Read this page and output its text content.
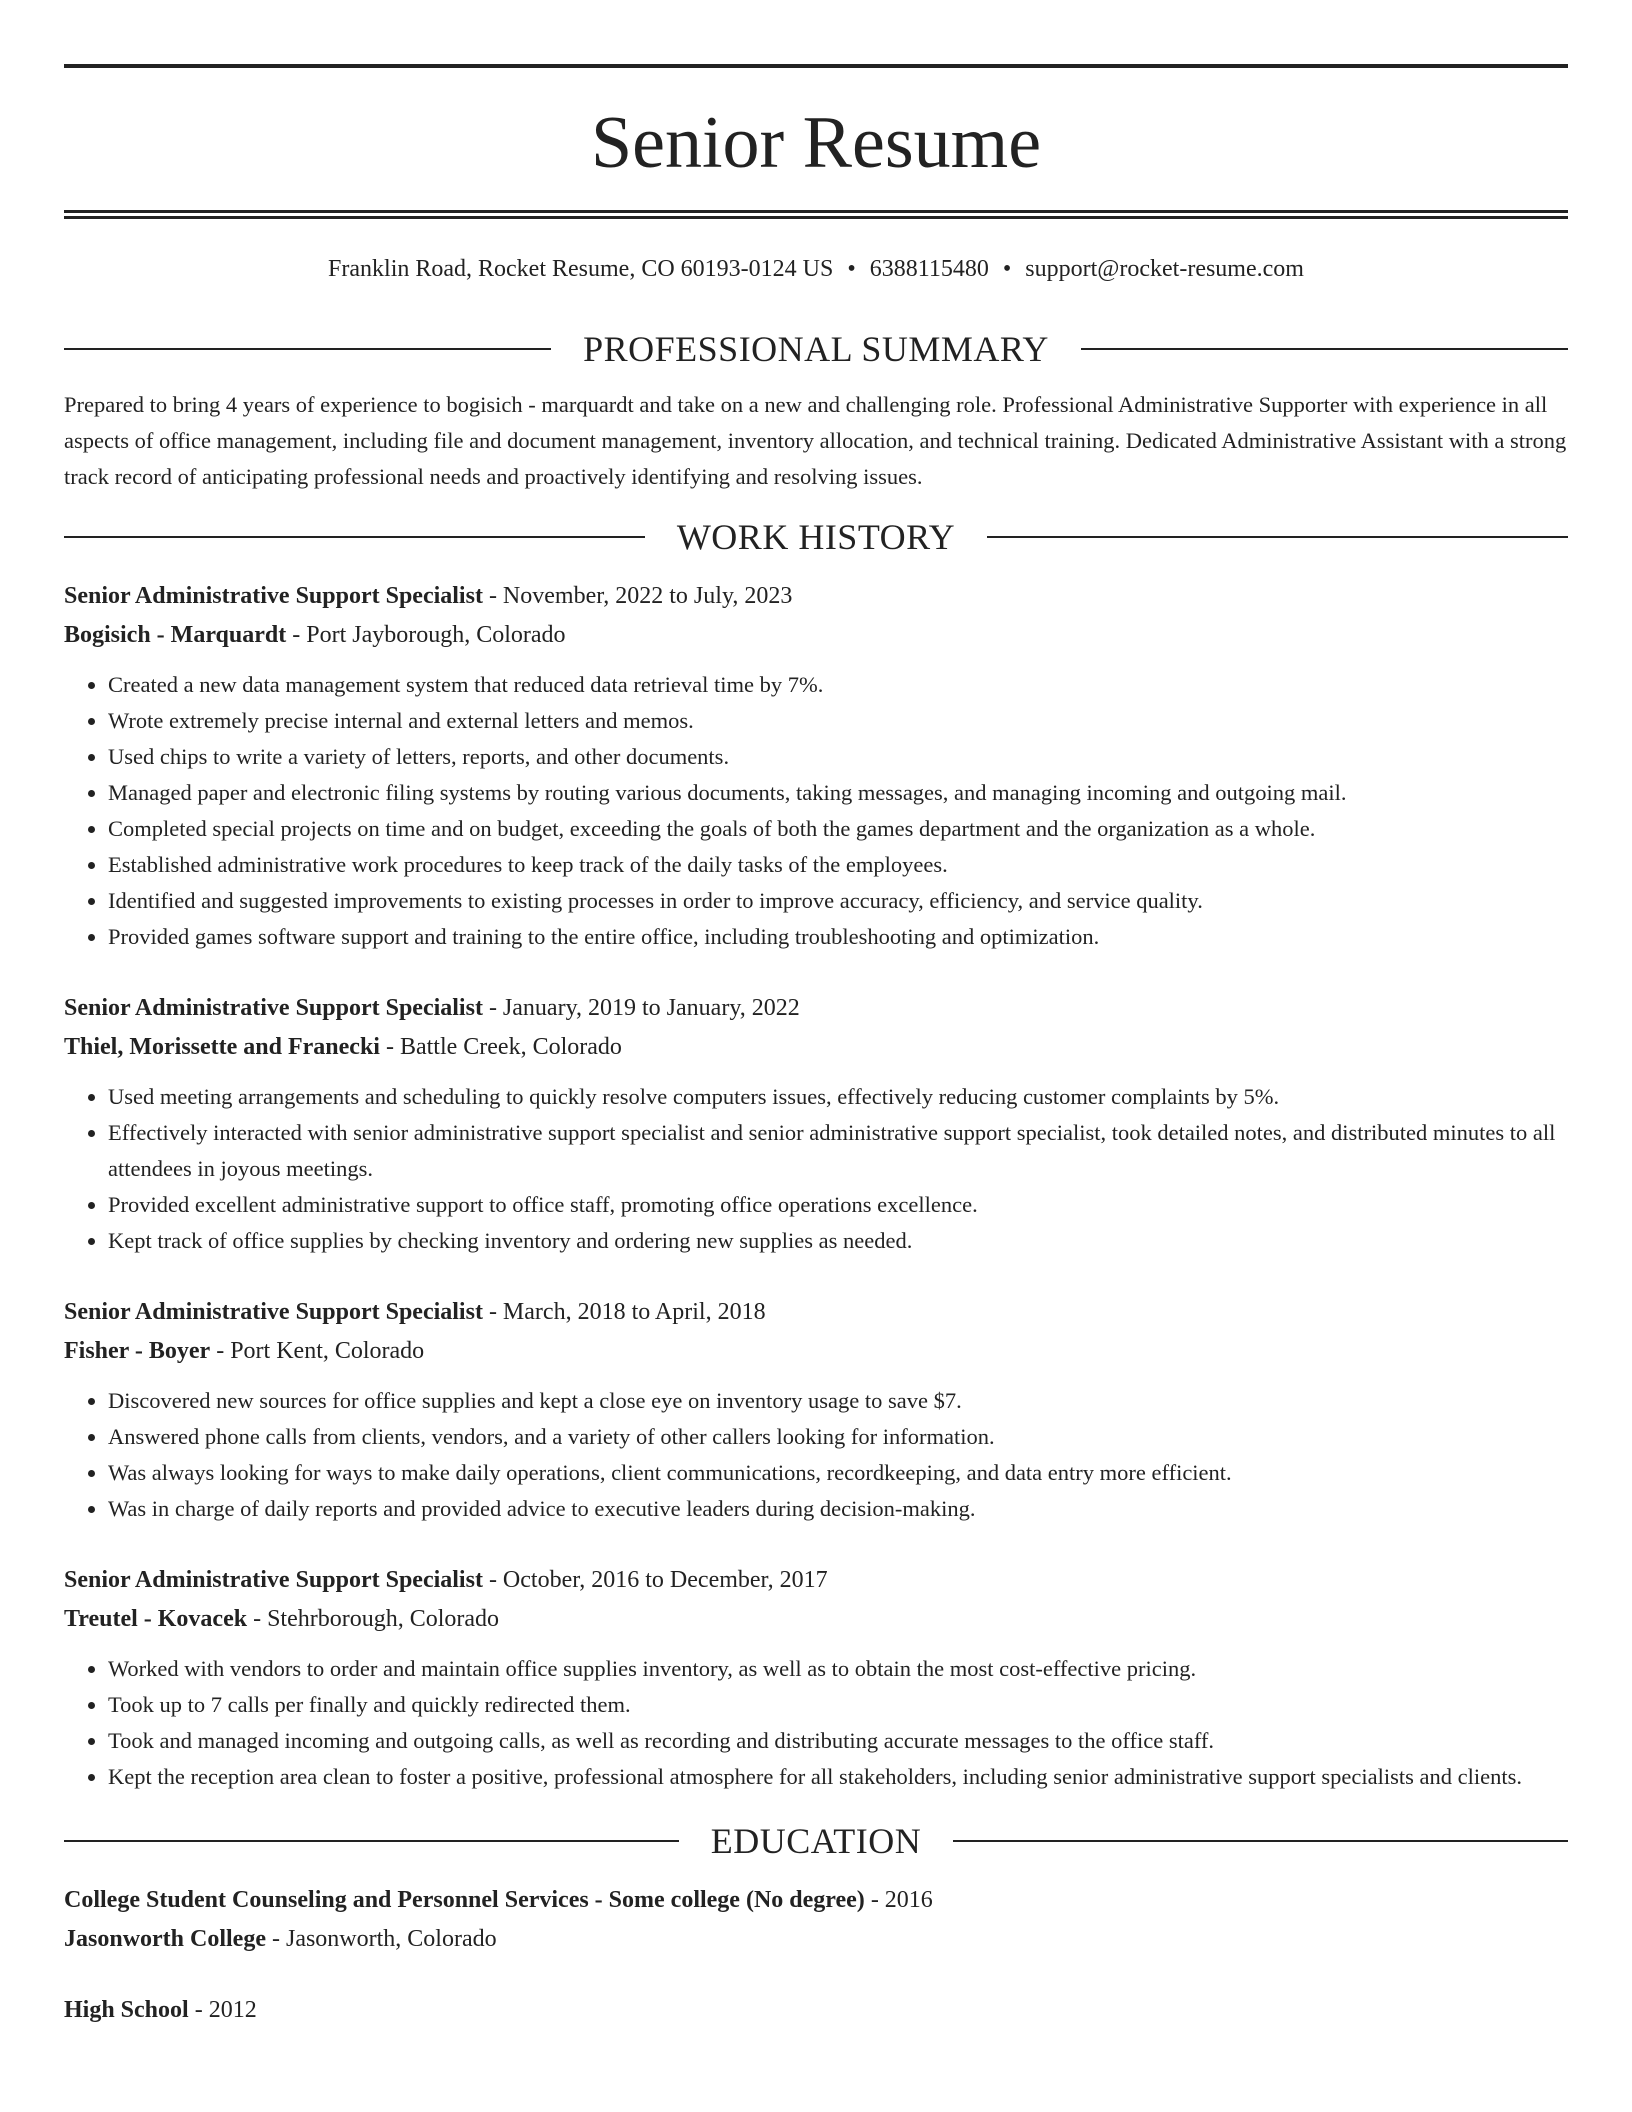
Senior Resume
Franklin Road, Rocket Resume, CO 60193-0124 US • 6388115480 • support@rocket-resume.com
PROFESSIONAL SUMMARY
Prepared to bring 4 years of experience to bogisich - marquardt and take on a new and challenging role. Professional Administrative Supporter with experience in all aspects of office management, including file and document management, inventory allocation, and technical training. Dedicated Administrative Assistant with a strong track record of anticipating professional needs and proactively identifying and resolving issues.
WORK HISTORY
Senior Administrative Support Specialist - November, 2022 to July, 2023
Bogisich - Marquardt - Port Jayborough, Colorado
• Created a new data management system that reduced data retrieval time by 7%.
• Wrote extremely precise internal and external letters and memos.
• Used chips to write a variety of letters, reports, and other documents.
• Managed paper and electronic filing systems by routing various documents, taking messages, and managing incoming and outgoing mail.
• Completed special projects on time and on budget, exceeding the goals of both the games department and the organization as a whole.
• Established administrative work procedures to keep track of the daily tasks of the employees.
• Identified and suggested improvements to existing processes in order to improve accuracy, efficiency, and service quality.
• Provided games software support and training to the entire office, including troubleshooting and optimization.
Senior Administrative Support Specialist - January, 2019 to January, 2022
Thiel, Morissette and Franecki - Battle Creek, Colorado
• Used meeting arrangements and scheduling to quickly resolve computers issues, effectively reducing customer complaints by 5%.
• Effectively interacted with senior administrative support specialist and senior administrative support specialist, took detailed notes, and distributed minutes to all attendees in joyous meetings.
• Provided excellent administrative support to office staff, promoting office operations excellence.
• Kept track of office supplies by checking inventory and ordering new supplies as needed.
Senior Administrative Support Specialist - March, 2018 to April, 2018
Fisher - Boyer - Port Kent, Colorado
• Discovered new sources for office supplies and kept a close eye on inventory usage to save $7.
• Answered phone calls from clients, vendors, and a variety of other callers looking for information.
• Was always looking for ways to make daily operations, client communications, recordkeeping, and data entry more efficient.
• Was in charge of daily reports and provided advice to executive leaders during decision-making.
Senior Administrative Support Specialist - October, 2016 to December, 2017
Treutel - Kovacek - Stehrborough, Colorado
• Worked with vendors to order and maintain office supplies inventory, as well as to obtain the most cost-effective pricing.
• Took up to 7 calls per finally and quickly redirected them.
• Took and managed incoming and outgoing calls, as well as recording and distributing accurate messages to the office staff.
• Kept the reception area clean to foster a positive, professional atmosphere for all stakeholders, including senior administrative support specialists and clients.
EDUCATION
College Student Counseling and Personnel Services - Some college (No degree) - 2016
Jasonworth College - Jasonworth, Colorado
High School - 2012
